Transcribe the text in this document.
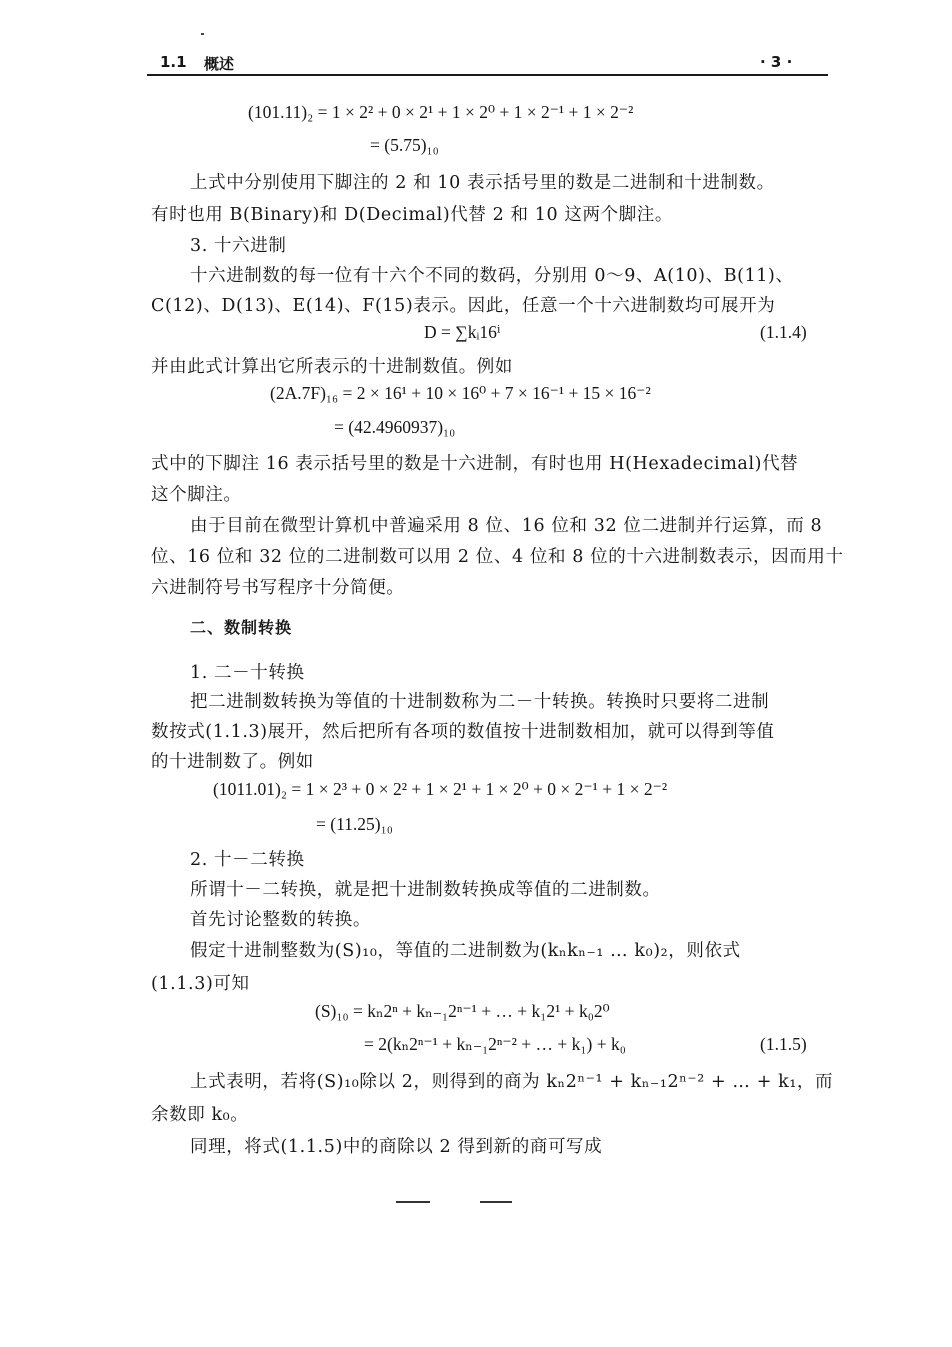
1.1 概述	· 3 ·
(101.11)₂ = 1 × 2² + 0 × 2¹ + 1 × 2⁰ + 1 × 2⁻¹ + 1 × 2⁻²
= (5.75)₁₀
上式中分别使用下脚注的 2 和 10 表示括号里的数是二进制和十进制数。
有时也用 B(Binary)和 D(Decimal)代替 2 和 10 这两个脚注。
3. 十六进制
十六进制数的每一位有十六个不同的数码，分别用 0～9、A(10)、B(11)、
C(12)、D(13)、E(14)、F(15)表示。因此，任意一个十六进制数均可展开为
D = ∑kᵢ16ⁱ	(1.1.4)
并由此式计算出它所表示的十进制数值。例如
(2A.7F)₁₆ = 2 × 16¹ + 10 × 16⁰ + 7 × 16⁻¹ + 15 × 16⁻²
= (42.4960937)₁₀
式中的下脚注 16 表示括号里的数是十六进制，有时也用 H(Hexadecimal)代替
这个脚注。
由于目前在微型计算机中普遍采用 8 位、16 位和 32 位二进制并行运算，而 8
位、16 位和 32 位的二进制数可以用 2 位、4 位和 8 位的十六进制数表示，因而用十
六进制符号书写程序十分简便。
二、数制转换
1. 二－十转换
把二进制数转换为等值的十进制数称为二－十转换。转换时只要将二进制
数按式(1.1.3)展开，然后把所有各项的数值按十进制数相加，就可以得到等值
的十进制数了。例如
(1011.01)₂ = 1 × 2³ + 0 × 2² + 1 × 2¹ + 1 × 2⁰ + 0 × 2⁻¹ + 1 × 2⁻²
= (11.25)₁₀
2. 十－二转换
所谓十－二转换，就是把十进制数转换成等值的二进制数。
首先讨论整数的转换。
假定十进制整数为(S)₁₀，等值的二进制数为(kₙkₙ₋₁ … k₀)₂，则依式
(1.1.3)可知
(S)₁₀ = kₙ2ⁿ + kₙ₋₁2ⁿ⁻¹ + … + k₁2¹ + k₀2⁰
= 2(kₙ2ⁿ⁻¹ + kₙ₋₁2ⁿ⁻² + … + k₁) + k₀	(1.1.5)
上式表明，若将(S)₁₀除以 2，则得到的商为 kₙ2ⁿ⁻¹ + kₙ₋₁2ⁿ⁻² + … + k₁，而
余数即 k₀。
同理，将式(1.1.5)中的商除以 2 得到新的商可写成
